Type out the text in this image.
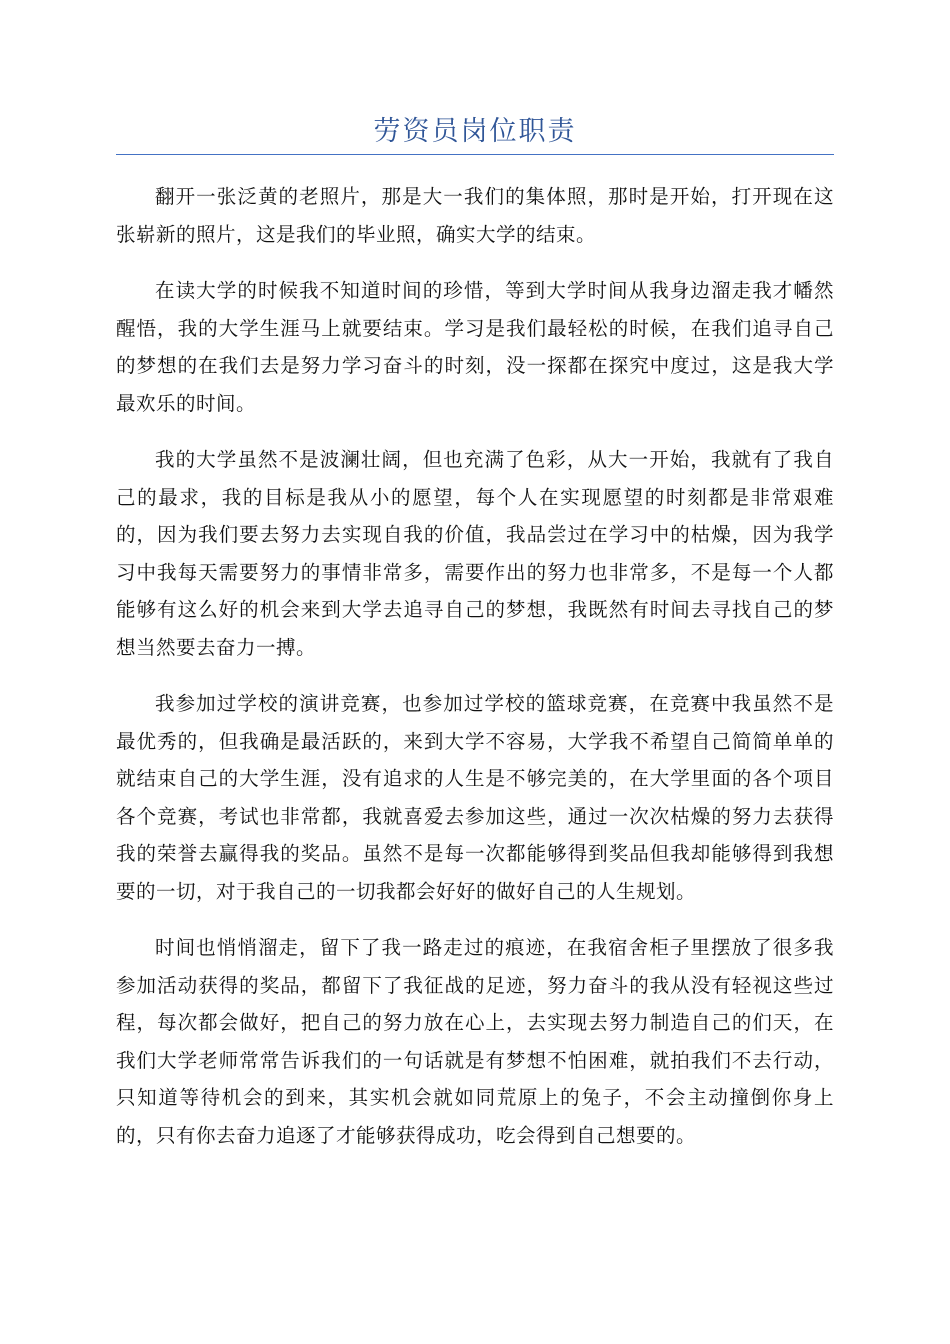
劳资员岗位职责

翻开一张泛黄的老照片，那是大一我们的集体照，那时是开始，打开现在这张崭新的照片，这是我们的毕业照，确实大学的结束。

在读大学的时候我不知道时间的珍惜，等到大学时间从我身边溜走我才幡然醒悟，我的大学生涯马上就要结束。学习是我们最轻松的时候，在我们追寻自己的梦想的在我们去是努力学习奋斗的时刻，没一探都在探究中度过，这是我大学最欢乐的时间。

我的大学虽然不是波澜壮阔，但也充满了色彩，从大一开始，我就有了我自己的最求，我的目标是我从小的愿望，每个人在实现愿望的时刻都是非常艰难的，因为我们要去努力去实现自我的价值，我品尝过在学习中的枯燥，因为我学习中我每天需要努力的事情非常多，需要作出的努力也非常多，不是每一个人都能够有这么好的机会来到大学去追寻自己的梦想，我既然有时间去寻找自己的梦想当然要去奋力一搏。

我参加过学校的演讲竞赛，也参加过学校的篮球竞赛，在竞赛中我虽然不是最优秀的，但我确是最活跃的，来到大学不容易，大学我不希望自己简简单单的就结束自己的大学生涯，没有追求的人生是不够完美的，在大学里面的各个项目各个竞赛，考试也非常都，我就喜爱去参加这些，通过一次次枯燥的努力去获得我的荣誉去赢得我的奖品。虽然不是每一次都能够得到奖品但我却能够得到我想要的一切，对于我自己的一切我都会好好的做好自己的人生规划。

时间也悄悄溜走，留下了我一路走过的痕迹，在我宿舍柜子里摆放了很多我参加活动获得的奖品，都留下了我征战的足迹，努力奋斗的我从没有轻视这些过程，每次都会做好，把自己的努力放在心上，去实现去努力制造自己的们天，在我们大学老师常常告诉我们的一句话就是有梦想不怕困难，就拍我们不去行动，只知道等待机会的到来，其实机会就如同荒原上的兔子，不会主动撞倒你身上的，只有你去奋力追逐了才能够获得成功，吃会得到自己想要的。
